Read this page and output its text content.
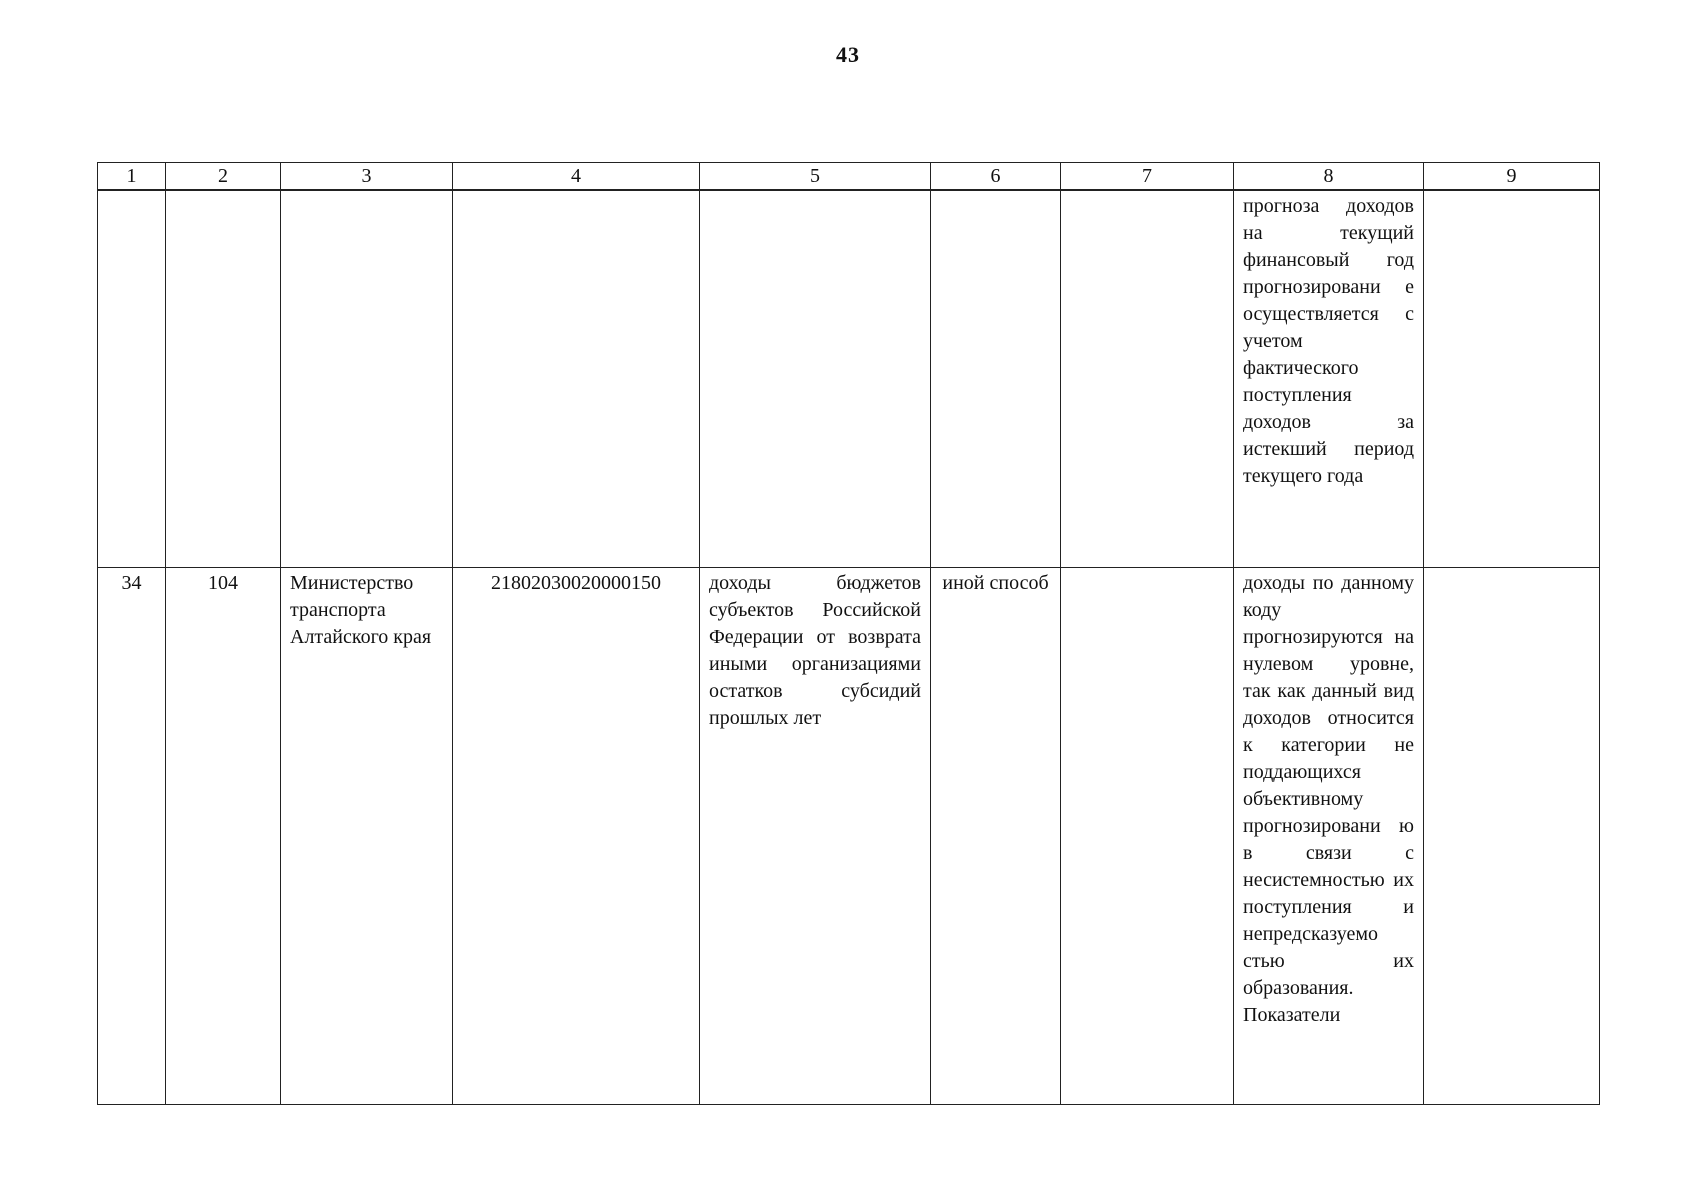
43
1	2	3	4	5	6	7	8	9

							прогноза доходов на текущий финансовый год прогнозировани е осуществляется с учетом фактического поступления доходов за истекший период текущего года	

34	104	Министерство транспорта Алтайского края	21802030020000150	доходы бюджетов субъектов Российской Федерации от возврата иными организациями остатков субсидий прошлых лет	иной способ		доходы по данному коду прогнозируются на нулевом уровне, так как данный вид доходов относится к категории не поддающихся объективному прогнозировани ю в связи с несистемностью их поступления и непредсказуемо стью их образования. Показатели	
